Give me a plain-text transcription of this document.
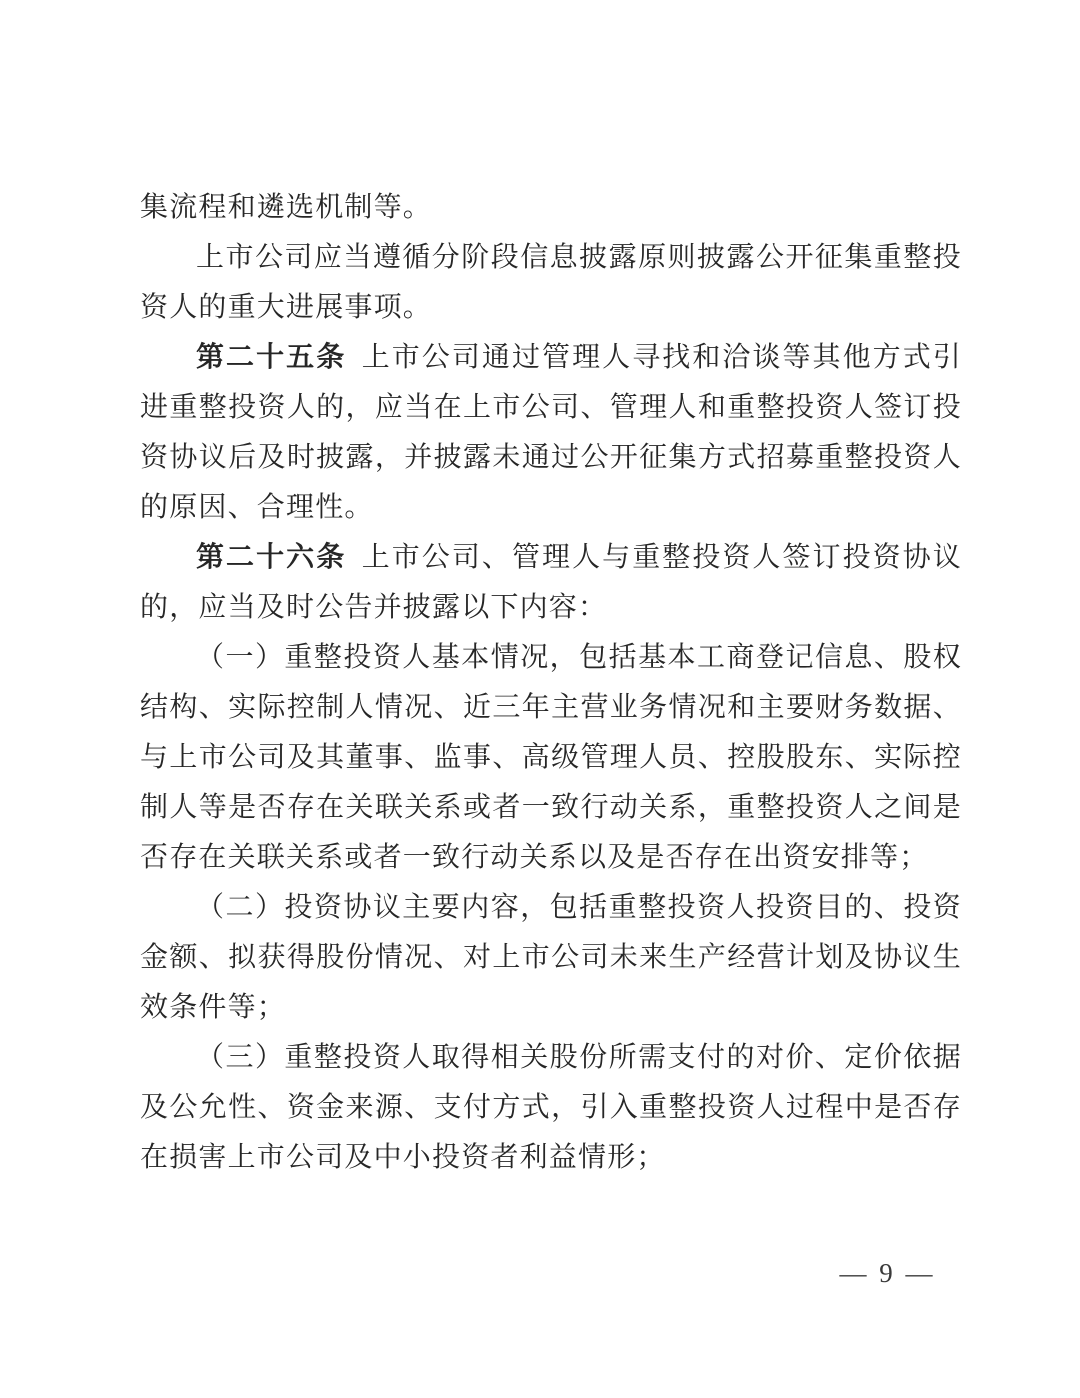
集流程和遴选机制等。

上市公司应当遵循分阶段信息披露原则披露公开征集重整投资人的重大进展事项。

第二十五条 上市公司通过管理人寻找和洽谈等其他方式引进重整投资人的，应当在上市公司、管理人和重整投资人签订投资协议后及时披露，并披露未通过公开征集方式招募重整投资人的原因、合理性。

第二十六条 上市公司、管理人与重整投资人签订投资协议的，应当及时公告并披露以下内容：

（一）重整投资人基本情况，包括基本工商登记信息、股权结构、实际控制人情况、近三年主营业务情况和主要财务数据、与上市公司及其董事、监事、高级管理人员、控股股东、实际控制人等是否存在关联关系或者一致行动关系，重整投资人之间是否存在关联关系或者一致行动关系以及是否存在出资安排等；

（二）投资协议主要内容，包括重整投资人投资目的、投资金额、拟获得股份情况、对上市公司未来生产经营计划及协议生效条件等；

（三）重整投资人取得相关股份所需支付的对价、定价依据及公允性、资金来源、支付方式，引入重整投资人过程中是否存在损害上市公司及中小投资者利益情形；

— 9 —
